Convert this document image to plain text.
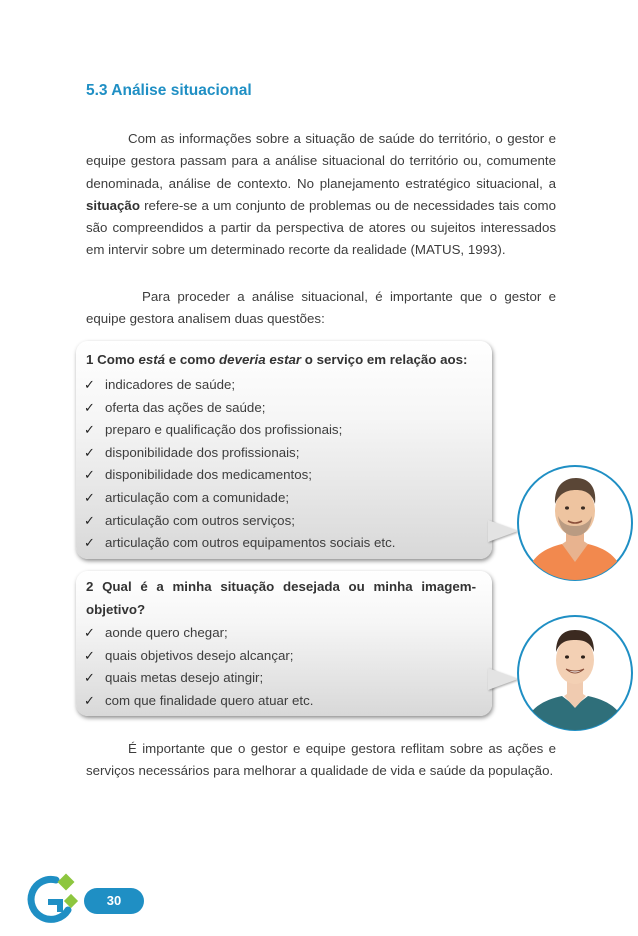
5.3 Análise situacional

Com as informações sobre a situação de saúde do território, o gestor e equipe gestora passam para a análise situacional do território ou, comumente denominada, análise de contexto. No planejamento estratégico situacional, a situação refere-se a um conjunto de problemas ou de necessidades tais como são compreendidos a partir da perspectiva de atores ou sujeitos interessados em intervir sobre um determinado recorte da realidade (MATUS, 1993).

Para proceder a análise situacional, é importante que o gestor e equipe gestora analisem duas questões:

1 Como está e como deveria estar o serviço em relação aos:

✓ indicadores de saúde;
✓ oferta das ações de saúde;
✓ preparo e qualificação dos profissionais;
✓ disponibilidade dos profissionais;
✓ disponibilidade dos medicamentos;
✓ articulação com a comunidade;
✓ articulação com outros serviços;
✓ articulação com outros equipamentos sociais etc.

2 Qual é a minha situação desejada ou minha imagem-objetivo?

✓ aonde quero chegar;
✓ quais objetivos desejo alcançar;
✓ quais metas desejo atingir;
✓ com que finalidade quero atuar etc.

É importante que o gestor e equipe gestora reflitam sobre as ações e serviços necessários para melhorar a qualidade de vida e saúde da população.

30
